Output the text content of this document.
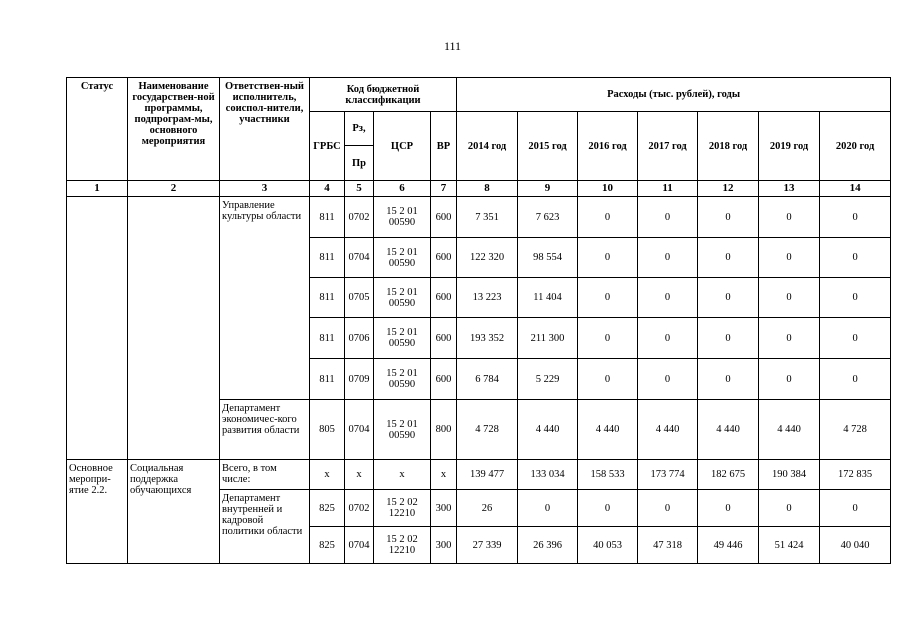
111
Статус	Наименование государствен-ной программы, подпрограм-мы, основного мероприятия	Ответствен-ный исполнитель, соиспол-нители, участники	Код бюджетной классификации				Расходы (тыс. рублей), годы						
			ГРБС	Рз,	ЦСР	ВР	2014 год	2015 год	2016 год	2017 год	2018 год	2019 год	2020 год
				Пр									
1	2	3	4	5	6	7	8	9	10	11	12	13	14
		Управление культуры области	811	0702	15 2 01 00590	600	7 351	7 623	0	0	0	0	0
			811	0704	15 2 01 00590	600	122 320	98 554	0	0	0	0	0
			811	0705	15 2 01 00590	600	13 223	11 404	0	0	0	0	0
			811	0706	15 2 01 00590	600	193 352	211 300	0	0	0	0	0
			811	0709	15 2 01 00590	600	6 784	5 229	0	0	0	0	0
		Департамент экономичес-кого развития области	805	0704	15 2 01 00590	800	4 728	4 440	4 440	4 440	4 440	4 440	4 728
Основное меропри-ятие 2.2.	Социальная поддержка обучающихся	Всего, в том числе:	х	х	х	х	139 477	133 034	158 533	173 774	182 675	190 384	172 835
		Департамент внутренней и кадровой политики области	825	0702	15 2 02 12210	300	26	0	0	0	0	0	0
			825	0704	15 2 02 12210	300	27 339	26 396	40 053	47 318	49 446	51 424	40 040
